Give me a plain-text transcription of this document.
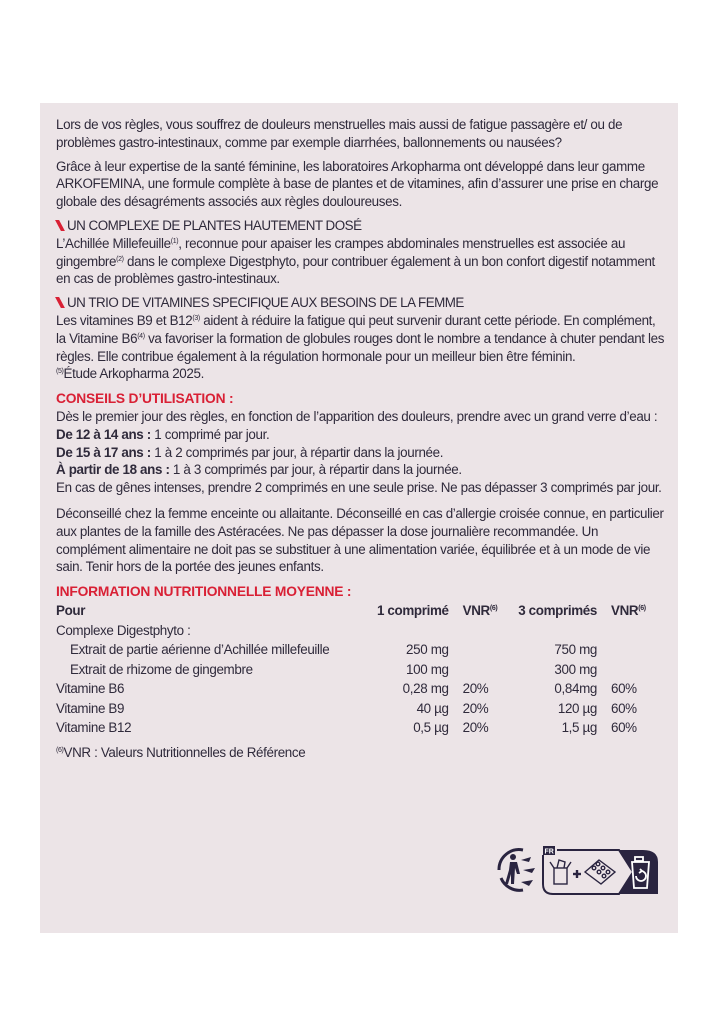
Lors de vos règles, vous souffrez de douleurs menstruelles mais aussi de fatigue passagère et/ ou de problèmes gastro-intestinaux, comme par exemple diarrhées, ballonnements ou nausées?

Grâce à leur expertise de la santé féminine, les laboratoires Arkopharma ont développé dans leur gamme ARKOFEMINA, une formule complète à base de plantes et de vitamines, afin d’assurer une prise en charge globale des désagréments associés aux règles douloureuses.

UN COMPLEXE DE PLANTES HAUTEMENT DOSÉ

L’Achillée Millefeuille$^{(1)}$, reconnue pour apaiser les crampes abdominales menstruelles est associée au gingembre$^{(2)}$ dans le complexe Digestphyto, pour contribuer également à un bon confort digestif notamment en cas de problèmes gastro-intestinaux.

UN TRIO DE VITAMINES SPECIFIQUE AUX BESOINS DE LA FEMME

Les vitamines B9 et B12$^{(3)}$ aident à réduire la fatigue qui peut survenir durant cette période. En complément, la Vitamine B6$^{(4)}$ va favoriser la formation de globules rouges dont le nombre a tendance à chuter pendant les règles. Elle contribue également à la régulation hormonale pour un meilleur bien être féminin.

$^{(5)}$Étude Arkopharma 2025.

CONSEILS D’UTILISATION :

Dès le premier jour des règles, en fonction de l’apparition des douleurs, prendre avec un grand verre d’eau :

De 12 à 14 ans : 1 comprimé par jour.

De 15 à 17 ans : 1 à 2 comprimés par jour, à répartir dans la journée.

À partir de 18 ans : 1 à 3 comprimés par jour, à répartir dans la journée.

En cas de gênes intenses, prendre 2 comprimés en une seule prise. Ne pas dépasser 3 comprimés par jour.

Déconseillé chez la femme enceinte ou allaitante. Déconseillé en cas d’allergie croisée connue, en particulier aux plantes de la famille des Astéracées. Ne pas dépasser la dose journalière recommandée. Un complément alimentaire ne doit pas se substituer à une alimentation variée, équilibrée et à un mode de vie sain. Tenir hors de la portée des jeunes enfants.

INFORMATION NUTRITIONNELLE MOYENNE :

Pour	1 comprimé	VNR$^{(6)}$	3 comprimés	VNR$^{(6)}$
Complexe Digestphyto :				
Extrait de partie aérienne d’Achillée millefeuille	250 mg		750 mg	
Extrait de rhizome de gingembre	100 mg		300 mg	
Vitamine B6	0,28 mg	20%	0,84mg	60%
Vitamine B9	40 µg	20%	120 µg	60%
Vitamine B12	0,5 µg	20%	1,5 µg	60%

$^{(6)}$VNR : Valeurs Nutritionnelles de Référence

FR
